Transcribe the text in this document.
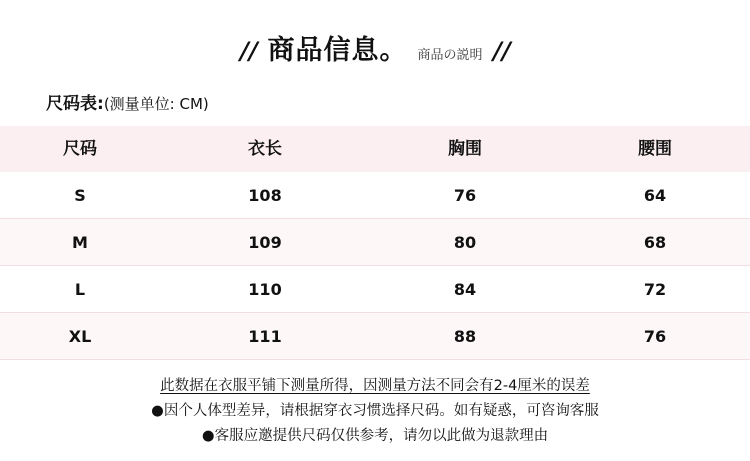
// 商品信息。 商品の説明 //
尺码表: (测量单位: CM)
尺码	衣长	胸围	腰围
S	108	76	64
M	109	80	68
L	110	84	72
XL	111	88	76
此数据在衣服平铺下测量所得，因测量方法不同会有2-4厘米的误差
●因个人体型差异，请根据穿衣习惯选择尺码。如有疑惑，可咨询客服
●客服应邀提供尺码仅供参考，请勿以此做为退款理由
